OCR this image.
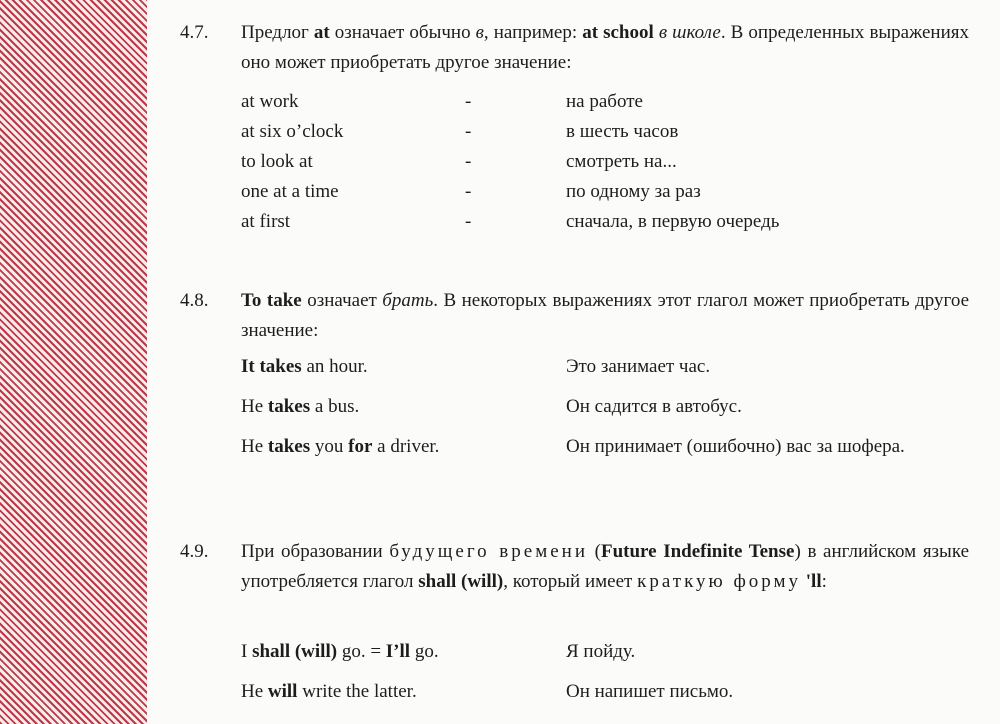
4.7. Предлог at означает обычно в, например: at school в школе. В определенных выражениях оно может приобретать другое значение:
at work	-	на работе
at six o’clock	-	в шесть часов
to look at	-	смотреть на...
one at a time	-	по одному за раз
at first	-	сначала, в первую очередь
4.8. To take означает брать. В некоторых выражениях этот глагол может приобретать другое значение:
It takes an hour.	Это занимает час.
He takes a bus.	Он садится в автобус.
He takes you for a driver.	Он принимает (ошибочно) вас за шофера.
4.9. При образовании будущего времени (Future Indefinite Tense) в английском языке употребляется глагол shall (will), который имеет краткую форму 'll:
I shall (will) go. = I’ll go.	Я пойду.
He will write the latter.	Он напишет письмо.
